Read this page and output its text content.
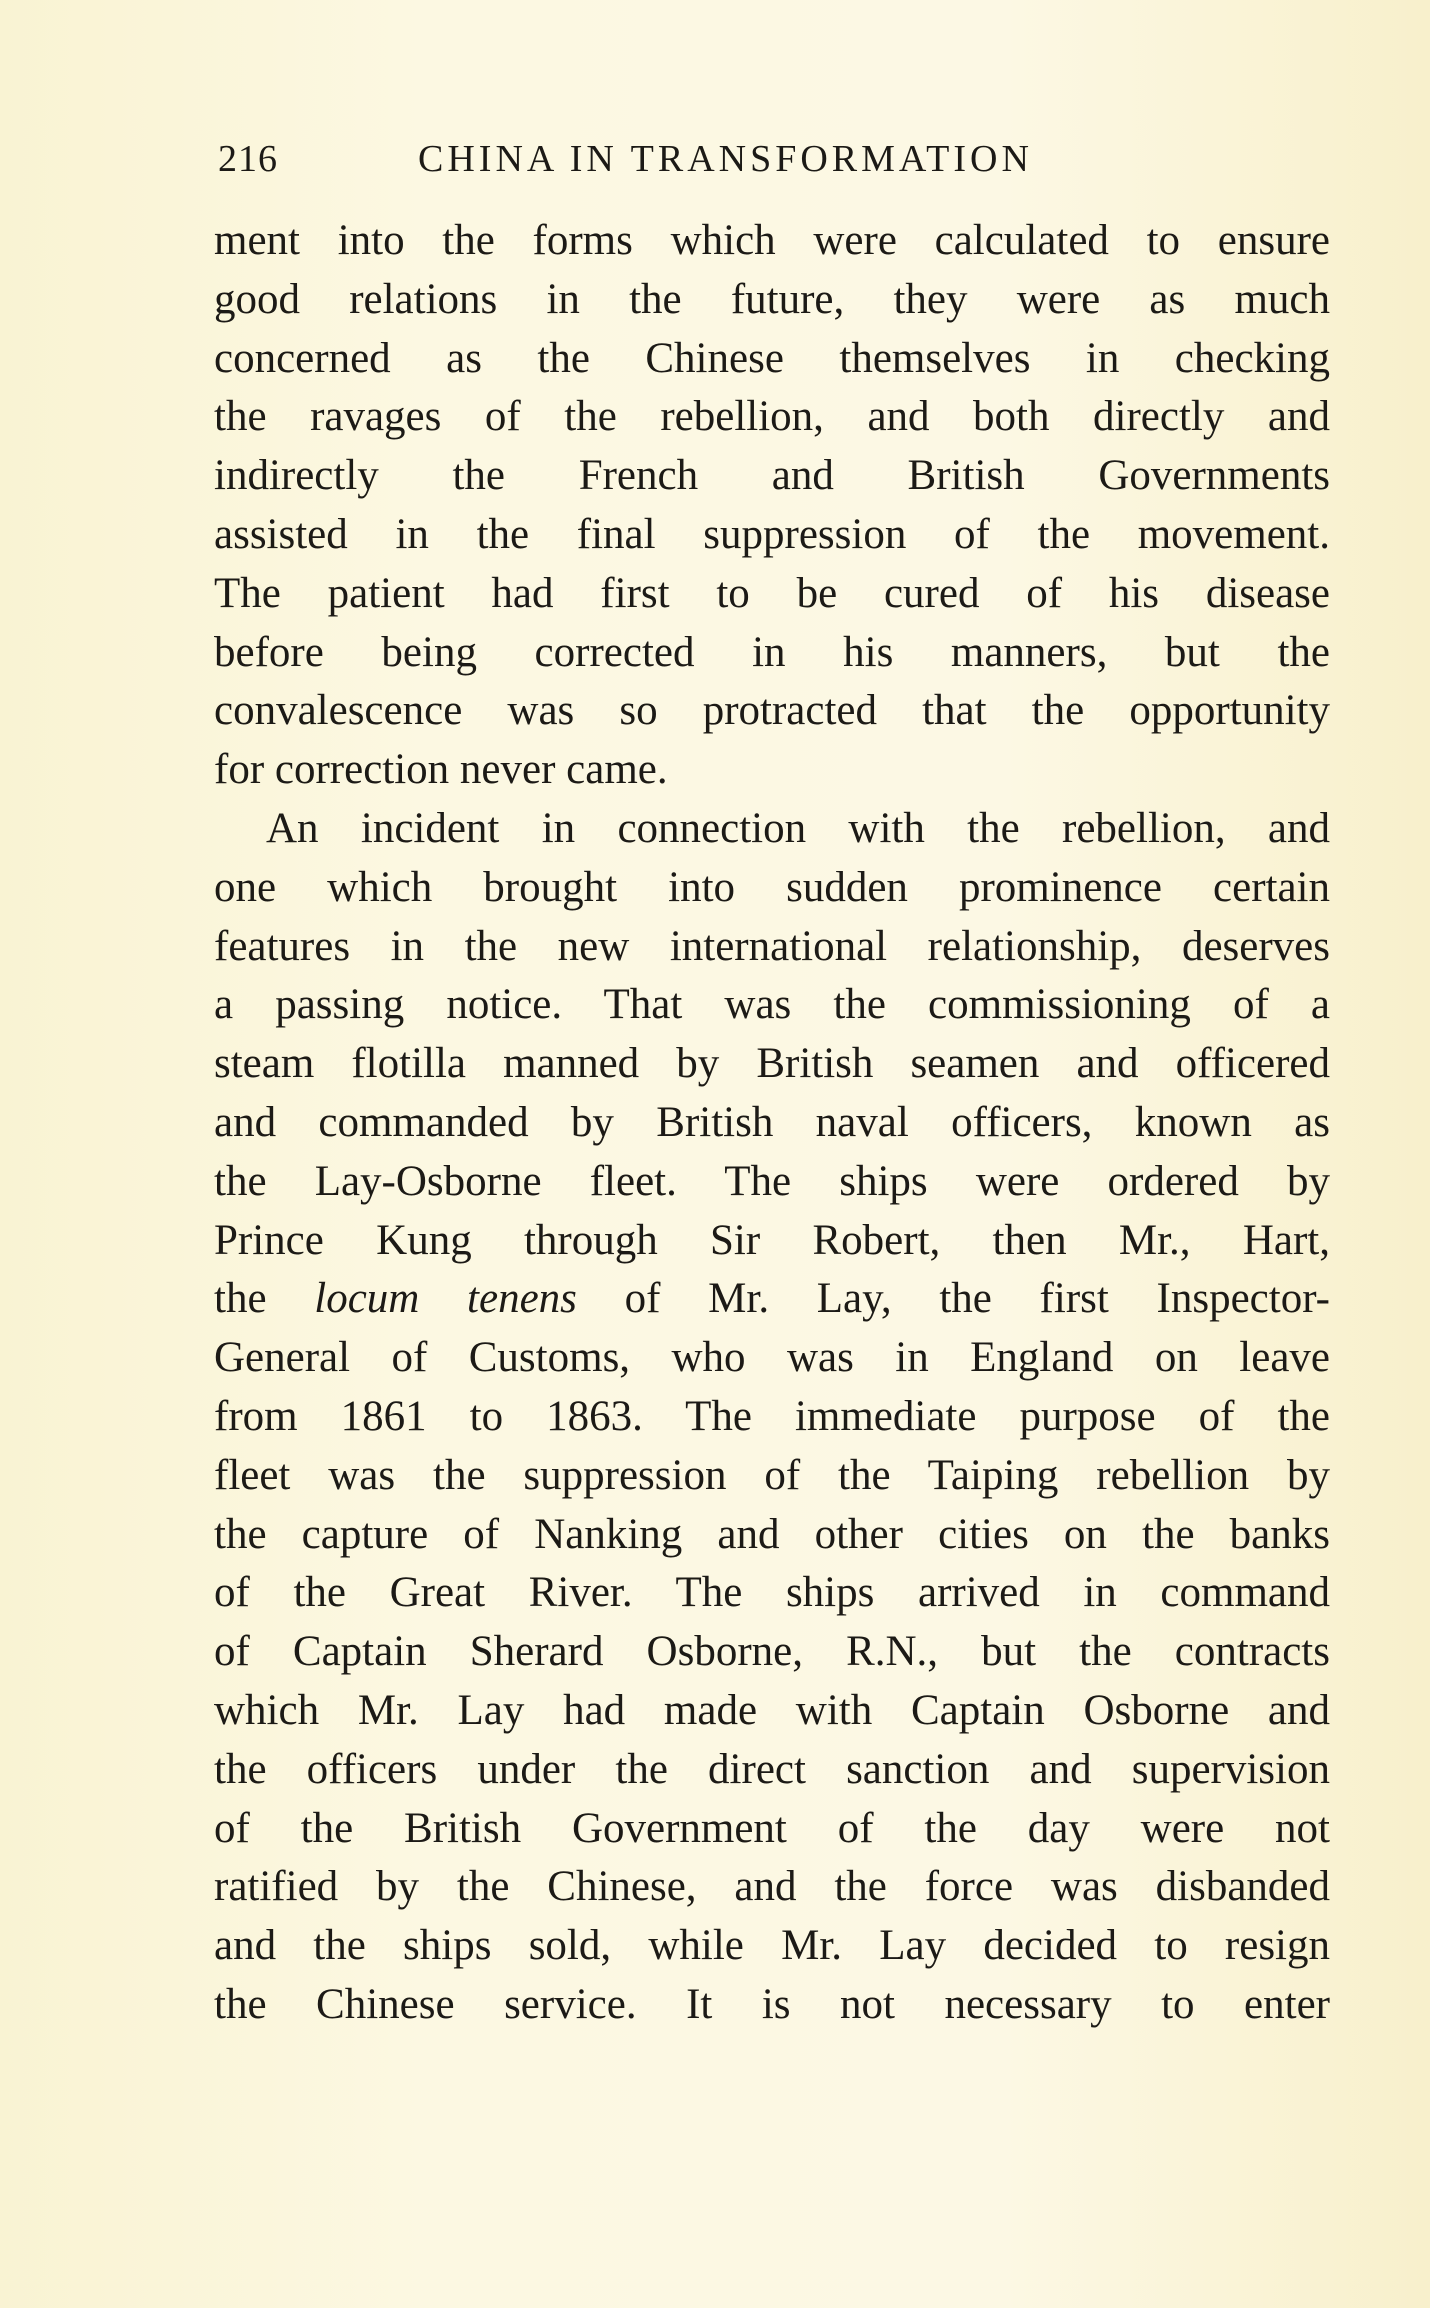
216	CHINA IN TRANSFORMATION
ment into the forms which were calculated to ensure
good relations in the future, they were as much
concerned as the Chinese themselves in checking
the ravages of the rebellion, and both directly and
indirectly the French and British Governments
assisted in the final suppression of the movement.
The patient had first to be cured of his disease
before being corrected in his manners, but the
convalescence was so protracted that the opportunity
for correction never came.
An incident in connection with the rebellion, and
one which brought into sudden prominence certain
features in the new international relationship, deserves
a passing notice. That was the commissioning of a
steam flotilla manned by British seamen and officered
and commanded by British naval officers, known as
the Lay-Osborne fleet. The ships were ordered by
Prince Kung through Sir Robert, then Mr., Hart,
the locum tenens of Mr. Lay, the first Inspector-
General of Customs, who was in England on leave
from 1861 to 1863. The immediate purpose of the
fleet was the suppression of the Taiping rebellion by
the capture of Nanking and other cities on the banks
of the Great River. The ships arrived in command
of Captain Sherard Osborne, R.N., but the contracts
which Mr. Lay had made with Captain Osborne and
the officers under the direct sanction and supervision
of the British Government of the day were not
ratified by the Chinese, and the force was disbanded
and the ships sold, while Mr. Lay decided to resign
the Chinese service. It is not necessary to enter
